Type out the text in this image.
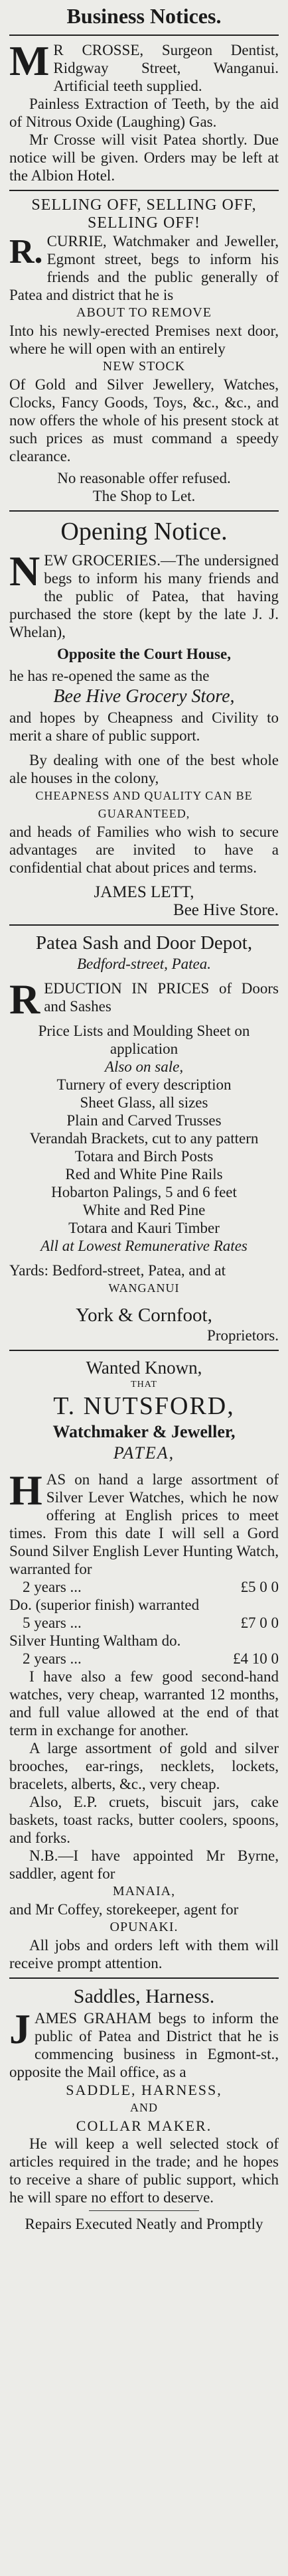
Business Notices.

M R CROSSE, Surgeon Dentist, Ridgway Street, Wanganui. Artificial teeth supplied.

Painless Extraction of Teeth, by the aid of Nitrous Oxide (Laughing) Gas.

Mr Crosse will visit Patea shortly. Due notice will be given. Orders may be left at the Albion Hotel.

SELLING OFF, SELLING OFF,

SELLING OFF!

R. CURRIE, Watchmaker and Jeweller, Egmont street, begs to inform his friends and the public generally of Patea and district that he is

ABOUT TO REMOVE

Into his newly-erected Premises next door, where he will open with an entirely

NEW STOCK

Of Gold and Silver Jewellery, Watches, Clocks, Fancy Goods, Toys, &c., &c., and now offers the whole of his present stock at such prices as must command a speedy clearance.

No reasonable offer refused.

The Shop to Let.

Opening Notice.

NEW GROCERIES.—The undersigned begs to inform his many friends and the public of Patea, that having purchased the store (kept by the late J. J. Whelan),

Opposite the Court House,

he has re-opened the same as the

Bee Hive Grocery Store,

and hopes by Cheapness and Civility to merit a share of public support.

By dealing with one of the best whole ale houses in the colony,

CHEAPNESS AND QUALITY CAN BE

GUARANTEED,

and heads of Families who wish to secure advantages are invited to have a confidential chat about prices and terms.

JAMES LETT,

Bee Hive Store.

Patea Sash and Door Depot,

Bedford-street, Patea.

REDUCTION IN PRICES of Doors and Sashes

Price Lists and Moulding Sheet on application

Also on sale,

Turnery of every description

Sheet Glass, all sizes

Plain and Carved Trusses

Verandah Brackets, cut to any pattern

Totara and Birch Posts

Red and White Pine Rails

Hobarton Palings, 5 and 6 feet

White and Red Pine

Totara and Kauri Timber

All at Lowest Remunerative Rates

Yards: Bedford-street, Patea, and at

WANGANUI

York & Cornfoot,

Proprietors.

Wanted Known,

THAT

T. NUTSFORD,

Watchmaker & Jeweller,

PATEA,

HAS on hand a large assortment of Silver Lever Watches, which he now offering at English prices to meet times. From this date I will sell a Gord Sound Silver English Lever Hunting Watch, warranted for

2 years ...	£5 0 0

Do. (superior finish) warranted

5 years ...	£7 0 0

Silver Hunting Waltham do.

2 years ...	£4 10 0

I have also a few good second-hand watches, very cheap, warranted 12 months, and full value allowed at the end of that term in exchange for another.

A large assortment of gold and silver brooches, ear-rings, necklets, lockets, bracelets, alberts, &c., very cheap.

Also, E.P. cruets, biscuit jars, cake baskets, toast racks, butter coolers, spoons, and forks.

N.B.—I have appointed Mr Byrne, saddler, agent for

MANAIA,

and Mr Coffey, storekeeper, agent for

OPUNAKI.

All jobs and orders left with them will receive prompt attention.

Saddles, Harness.

JAMES GRAHAM begs to inform the public of Patea and District that he is commencing business in Egmont-st., opposite the Mail office, as a

SADDLE, HARNESS,

AND

COLLAR MAKER.

He will keep a well selected stock of articles required in the trade; and he hopes to receive a share of public support, which he will spare no effort to deserve.

Repairs Executed Neatly and Promptly
